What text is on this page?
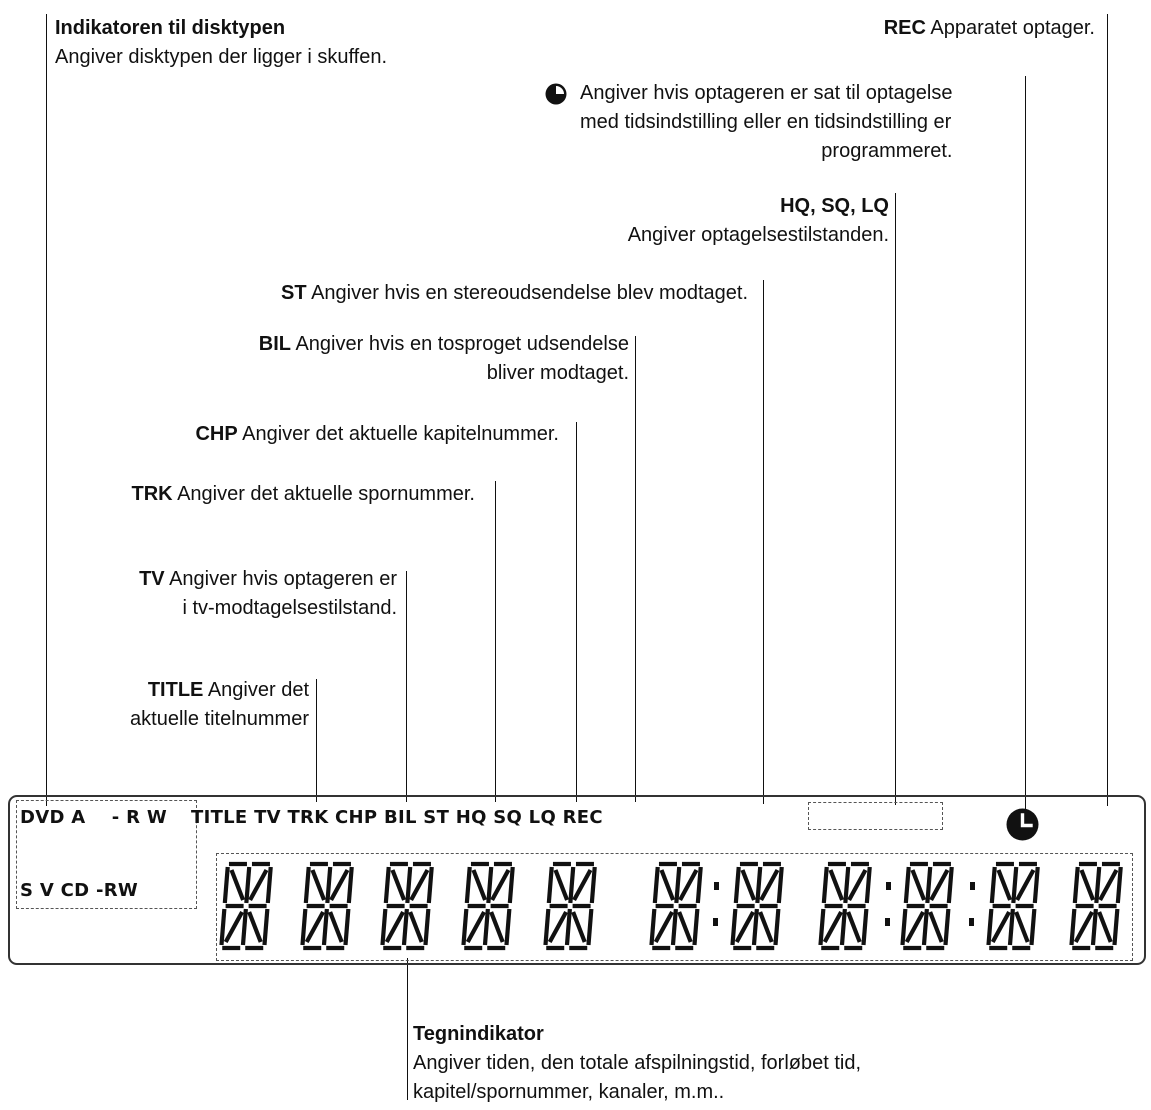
Indikatoren til disktypen
Angiver disktypen der ligger i skuffen.
REC Apparatet optager.
Angiver hvis optageren er sat til optagelse
med tidsindstilling eller en tidsindstilling er
programmeret.
HQ, SQ, LQ
Angiver optagelsestilstanden.
ST Angiver hvis en stereoudsendelse blev modtaget.
BIL Angiver hvis en tosproget udsendelse
bliver modtaget.
CHP Angiver det aktuelle kapitelnummer.
TRK Angiver det aktuelle spornummer.
TV Angiver hvis optageren er
i tv-modtagelsestilstand.
TITLE Angiver det
aktuelle titelnummer
Tegnindikator
Angiver tiden, den totale afspilningstid, forløbet tid,
kapitel/spornummer, kanaler, m.m..
DVD A    - R W
S V CD -RW
TITLE TV TRK CHP BIL ST HQ SQ LQ REC
